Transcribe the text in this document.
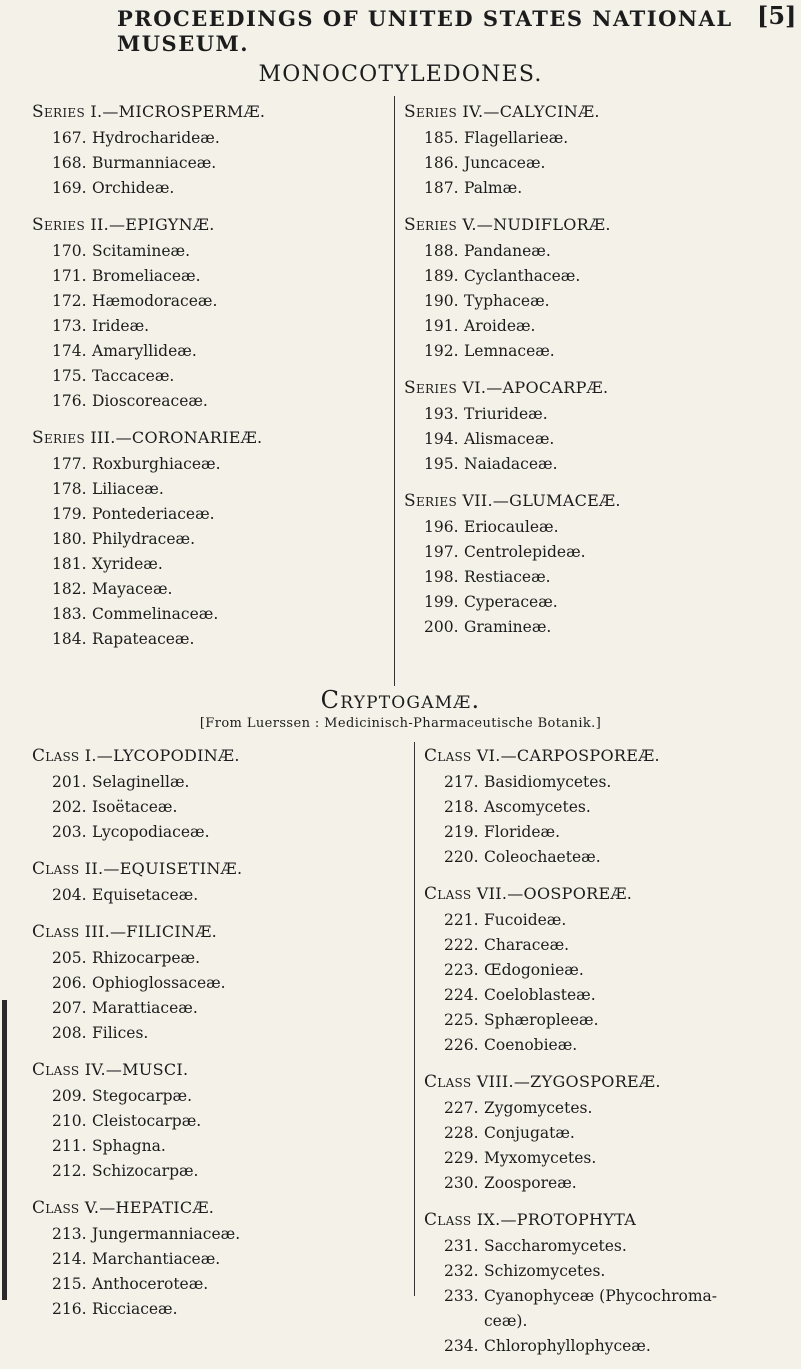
PROCEEDINGS OF UNITED STATES NATIONAL MUSEUM.
[5]
MONOCOTYLEDONES.
Series I.—MICROSPERMÆ.
167. Hydrocharideæ.
168. Burmanniaceæ.
169. Orchideæ.
Series II.—EPIGYNÆ.
170. Scitamineæ.
171. Bromeliaceæ.
172. Hæmodoraceæ.
173. Irideæ.
174. Amaryllideæ.
175. Taccaceæ.
176. Dioscoreaceæ.
Series III.—CORONARIEÆ.
177. Roxburghiaceæ.
178. Liliaceæ.
179. Pontederiaceæ.
180. Philydraceæ.
181. Xyrideæ.
182. Mayaceæ.
183. Commelinaceæ.
184. Rapateaceæ.
Series IV.—CALYCINÆ.
185. Flagellarieæ.
186. Juncaceæ.
187. Palmæ.
Series V.—NUDIFLORÆ.
188. Pandaneæ.
189. Cyclanthaceæ.
190. Typhaceæ.
191. Aroideæ.
192. Lemnaceæ.
Series VI.—APOCARPÆ.
193. Triurideæ.
194. Alismaceæ.
195. Naiadaceæ.
Series VII.—GLUMACEÆ.
196. Eriocauleæ.
197. Centrolepideæ.
198. Restiaceæ.
199. Cyperaceæ.
200. Gramineæ.
Cryptogamæ.
[From Luerssen : Medicinisch-Pharmaceutische Botanik.]
Class I.—LYCOPODINÆ.
201. Selaginellæ.
202. Isoëtaceæ.
203. Lycopodiaceæ.
Class II.—EQUISETINÆ.
204. Equisetaceæ.
Class III.—FILICINÆ.
205. Rhizocarpeæ.
206. Ophioglossaceæ.
207. Marattiaceæ.
208. Filices.
Class IV.—MUSCI.
209. Stegocarpæ.
210. Cleistocarpæ.
211. Sphagna.
212. Schizocarpæ.
Class V.—HEPATICÆ.
213. Jungermanniaceæ.
214. Marchantiaceæ.
215. Anthoceroteæ.
216. Ricciaceæ.
Class VI.—CARPOSPOREÆ.
217. Basidiomycetes.
218. Ascomycetes.
219. Florideæ.
220. Coleochaeteæ.
Class VII.—OOSPOREÆ.
221. Fucoideæ.
222. Characeæ.
223. Œdogonieæ.
224. Coeloblasteæ.
225. Sphæropleeæ.
226. Coenobieæ.
Class VIII.—ZYGOSPOREÆ.
227. Zygomycetes.
228. Conjugatæ.
229. Myxomycetes.
230. Zoosporeæ.
Class IX.—PROTOPHYTA
231. Saccharomycetes.
232. Schizomycetes.
233. Cyanophyceæ (Phycochroma-
ceæ).
234. Chlorophyllophyceæ.
